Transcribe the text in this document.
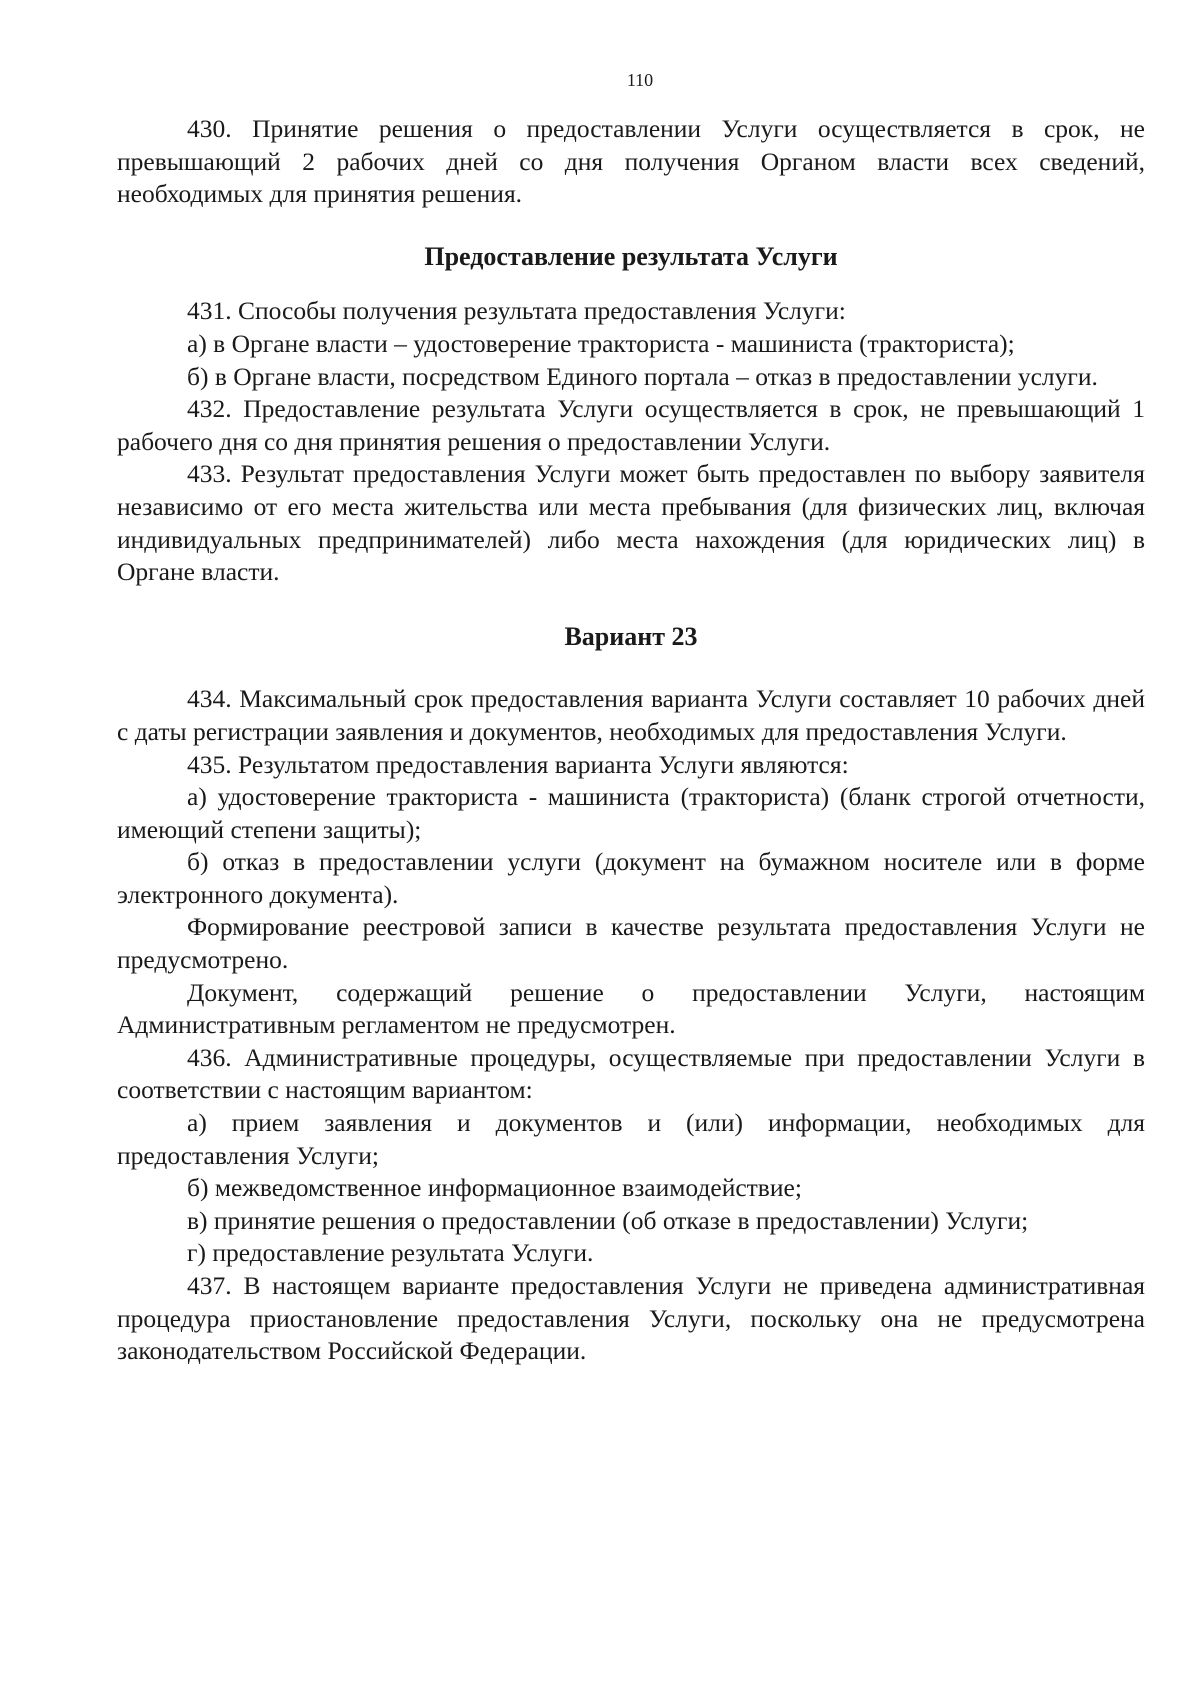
110

430. Принятие решения о предоставлении Услуги осуществляется в срок, не превышающий 2 рабочих дней со дня получения Органом власти всех сведений, необходимых для принятия решения.

Предоставление результата Услуги

431. Способы получения результата предоставления Услуги:

а) в Органе власти – удостоверение тракториста - машиниста (тракториста);

б) в Органе власти, посредством Единого портала – отказ в предоставлении услуги.

432. Предоставление результата Услуги осуществляется в срок, не превышающий 1 рабочего дня со дня принятия решения о предоставлении Услуги.

433. Результат предоставления Услуги может быть предоставлен по выбору заявителя независимо от его места жительства или места пребывания (для физических лиц, включая индивидуальных предпринимателей) либо места нахождения (для юридических лиц) в Органе власти.

Вариант 23

434. Максимальный срок предоставления варианта Услуги составляет 10 рабочих дней с даты регистрации заявления и документов, необходимых для предоставления Услуги.

435. Результатом предоставления варианта Услуги являются:

а) удостоверение тракториста - машиниста (тракториста) (бланк строгой отчетности, имеющий степени защиты);

б) отказ в предоставлении услуги (документ на бумажном носителе или в форме электронного документа).

Формирование реестровой записи в качестве результата предоставления Услуги не предусмотрено.

Документ, содержащий решение о предоставлении Услуги, настоящим Административным регламентом не предусмотрен.

436. Административные процедуры, осуществляемые при предоставлении Услуги в соответствии с настоящим вариантом:

а) прием заявления и документов и (или) информации, необходимых для предоставления Услуги;

б) межведомственное информационное взаимодействие;

в) принятие решения о предоставлении (об отказе в предоставлении) Услуги;

г) предоставление результата Услуги.

437. В настоящем варианте предоставления Услуги не приведена административная процедура приостановление предоставления Услуги, поскольку она не предусмотрена законодательством Российской Федерации.
